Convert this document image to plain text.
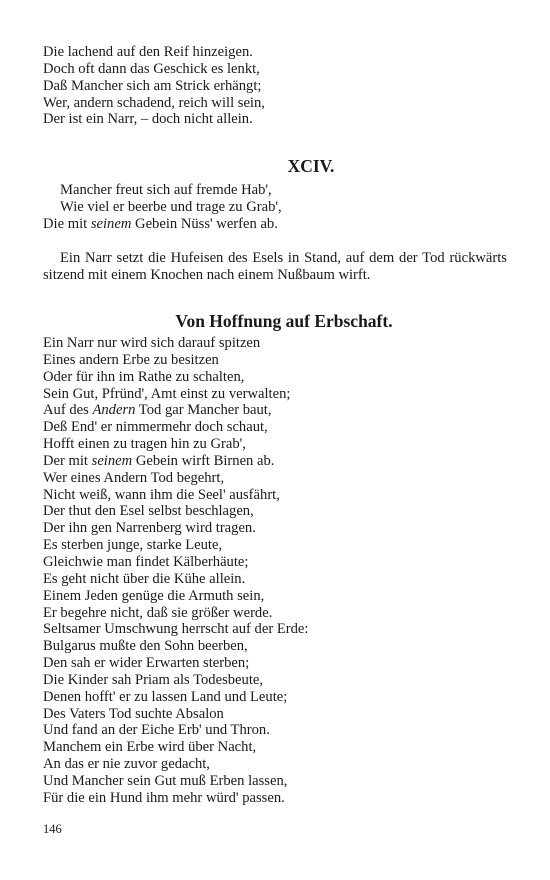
Die lachend auf den Reif hinzeigen.
Doch oft dann das Geschick es lenkt,
Daß Mancher sich am Strick erhängt;
Wer, andern schadend, reich will sein,
Der ist ein Narr, – doch nicht allein.
XCIV.
Mancher freut sich auf fremde Hab',
Wie viel er beerbe und trage zu Grab',
Die mit seinem Gebein Nüss' werfen ab.

Ein Narr setzt die Hufeisen des Esels in Stand, auf dem der Tod rückwärts sitzend mit einem Knochen nach einem Nußbaum wirft.

Von Hoffnung auf Erbschaft.
Ein Narr nur wird sich darauf spitzen
Eines andern Erbe zu besitzen
Oder für ihn im Rathe zu schalten,
Sein Gut, Pfründ', Amt einst zu verwalten;
Auf des Andern Tod gar Mancher baut,
Deß End' er nimmermehr doch schaut,
Hofft einen zu tragen hin zu Grab',
Der mit seinem Gebein wirft Birnen ab.
Wer eines Andern Tod begehrt,
Nicht weiß, wann ihm die Seel' ausfährt,
Der thut den Esel selbst beschlagen,
Der ihn gen Narrenberg wird tragen.
Es sterben junge, starke Leute,
Gleichwie man findet Kälberhäute;
Es geht nicht über die Kühe allein.
Einem Jeden genüge die Armuth sein,
Er begehre nicht, daß sie größer werde.
Seltsamer Umschwung herrscht auf der Erde:
Bulgarus mußte den Sohn beerben,
Den sah er wider Erwarten sterben;
Die Kinder sah Priam als Todesbeute,
Denen hofft' er zu lassen Land und Leute;
Des Vaters Tod suchte Absalon
Und fand an der Eiche Erb' und Thron.
Manchem ein Erbe wird über Nacht,
An das er nie zuvor gedacht,
Und Mancher sein Gut muß Erben lassen,
Für die ein Hund ihm mehr würd' passen.

146
